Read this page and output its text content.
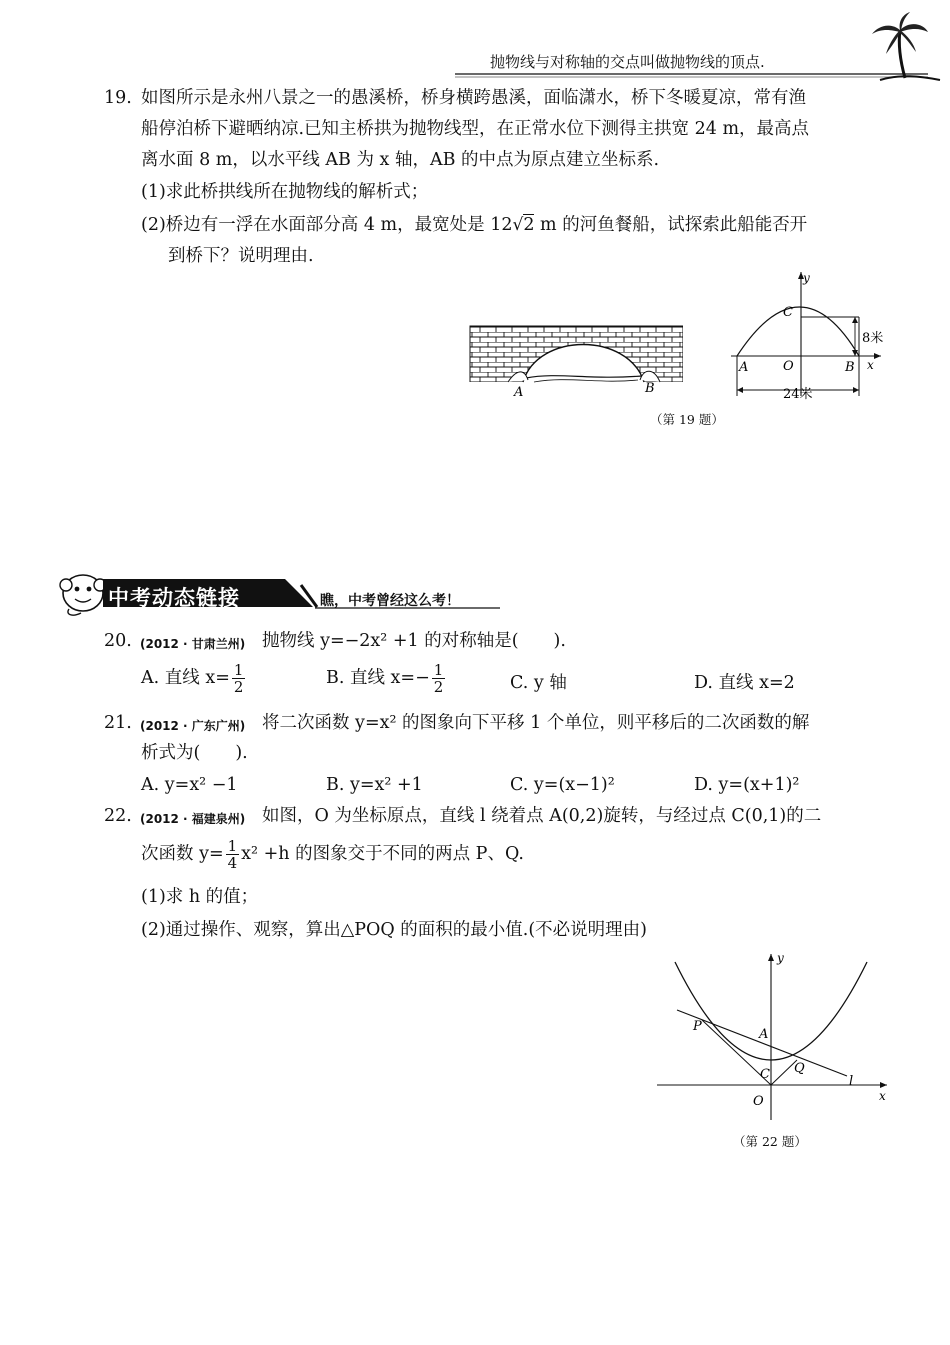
抛物线与对称轴的交点叫做抛物线的顶点.
19. 如图所示是永州八景之一的愚溪桥，桥身横跨愚溪，面临潇水，桥下冬暖夏凉，常有渔
船停泊桥下避晒纳凉.已知主桥拱为抛物线型，在正常水位下测得主拱宽 24 m，最高点
离水面 8 m，以水平线 AB 为 x 轴，AB 的中点为原点建立坐标系.
(1)求此桥拱线所在抛物线的解析式；
(2)桥边有一浮在水面部分高 4 m，最宽处是 12√2 m 的河鱼餐船，试探索此船能否开
到桥下？说明理由.
A	B
y
x
C
O
A	B
8米
24米
（第 19 题）
中考动态链接	瞧，中考曾经这么考！
20. (2012 · 甘肃兰州) 抛物线 y=−2x² +1 的对称轴是(　　).
A. 直线 $x= \frac{1}{2}$	B. 直线 $x=- \frac{1}{2}$	C. y 轴	D. 直线 x=2
21. (2012 · 广东广州) 将二次函数 y=x² 的图象向下平移 1 个单位，则平移后的二次函数的解
析式为(　　).
A. y=x² −1	B. y=x² +1	C. y=(x−1)²	D. y=(x+1)²
22. (2012 · 福建泉州) 如图，O 为坐标原点，直线 l 绕着点 A(0,2)旋转，与经过点 C(0,1)的二
次函数 $y= \frac{1}{4} x^2 +h$ 的图象交于不同的两点 P、Q.
(1)求 h 的值；
(2)通过操作、观察，算出△POQ 的面积的最小值.(不必说明理由)
y
x
P
A
C Q
O
l
（第 22 题）
